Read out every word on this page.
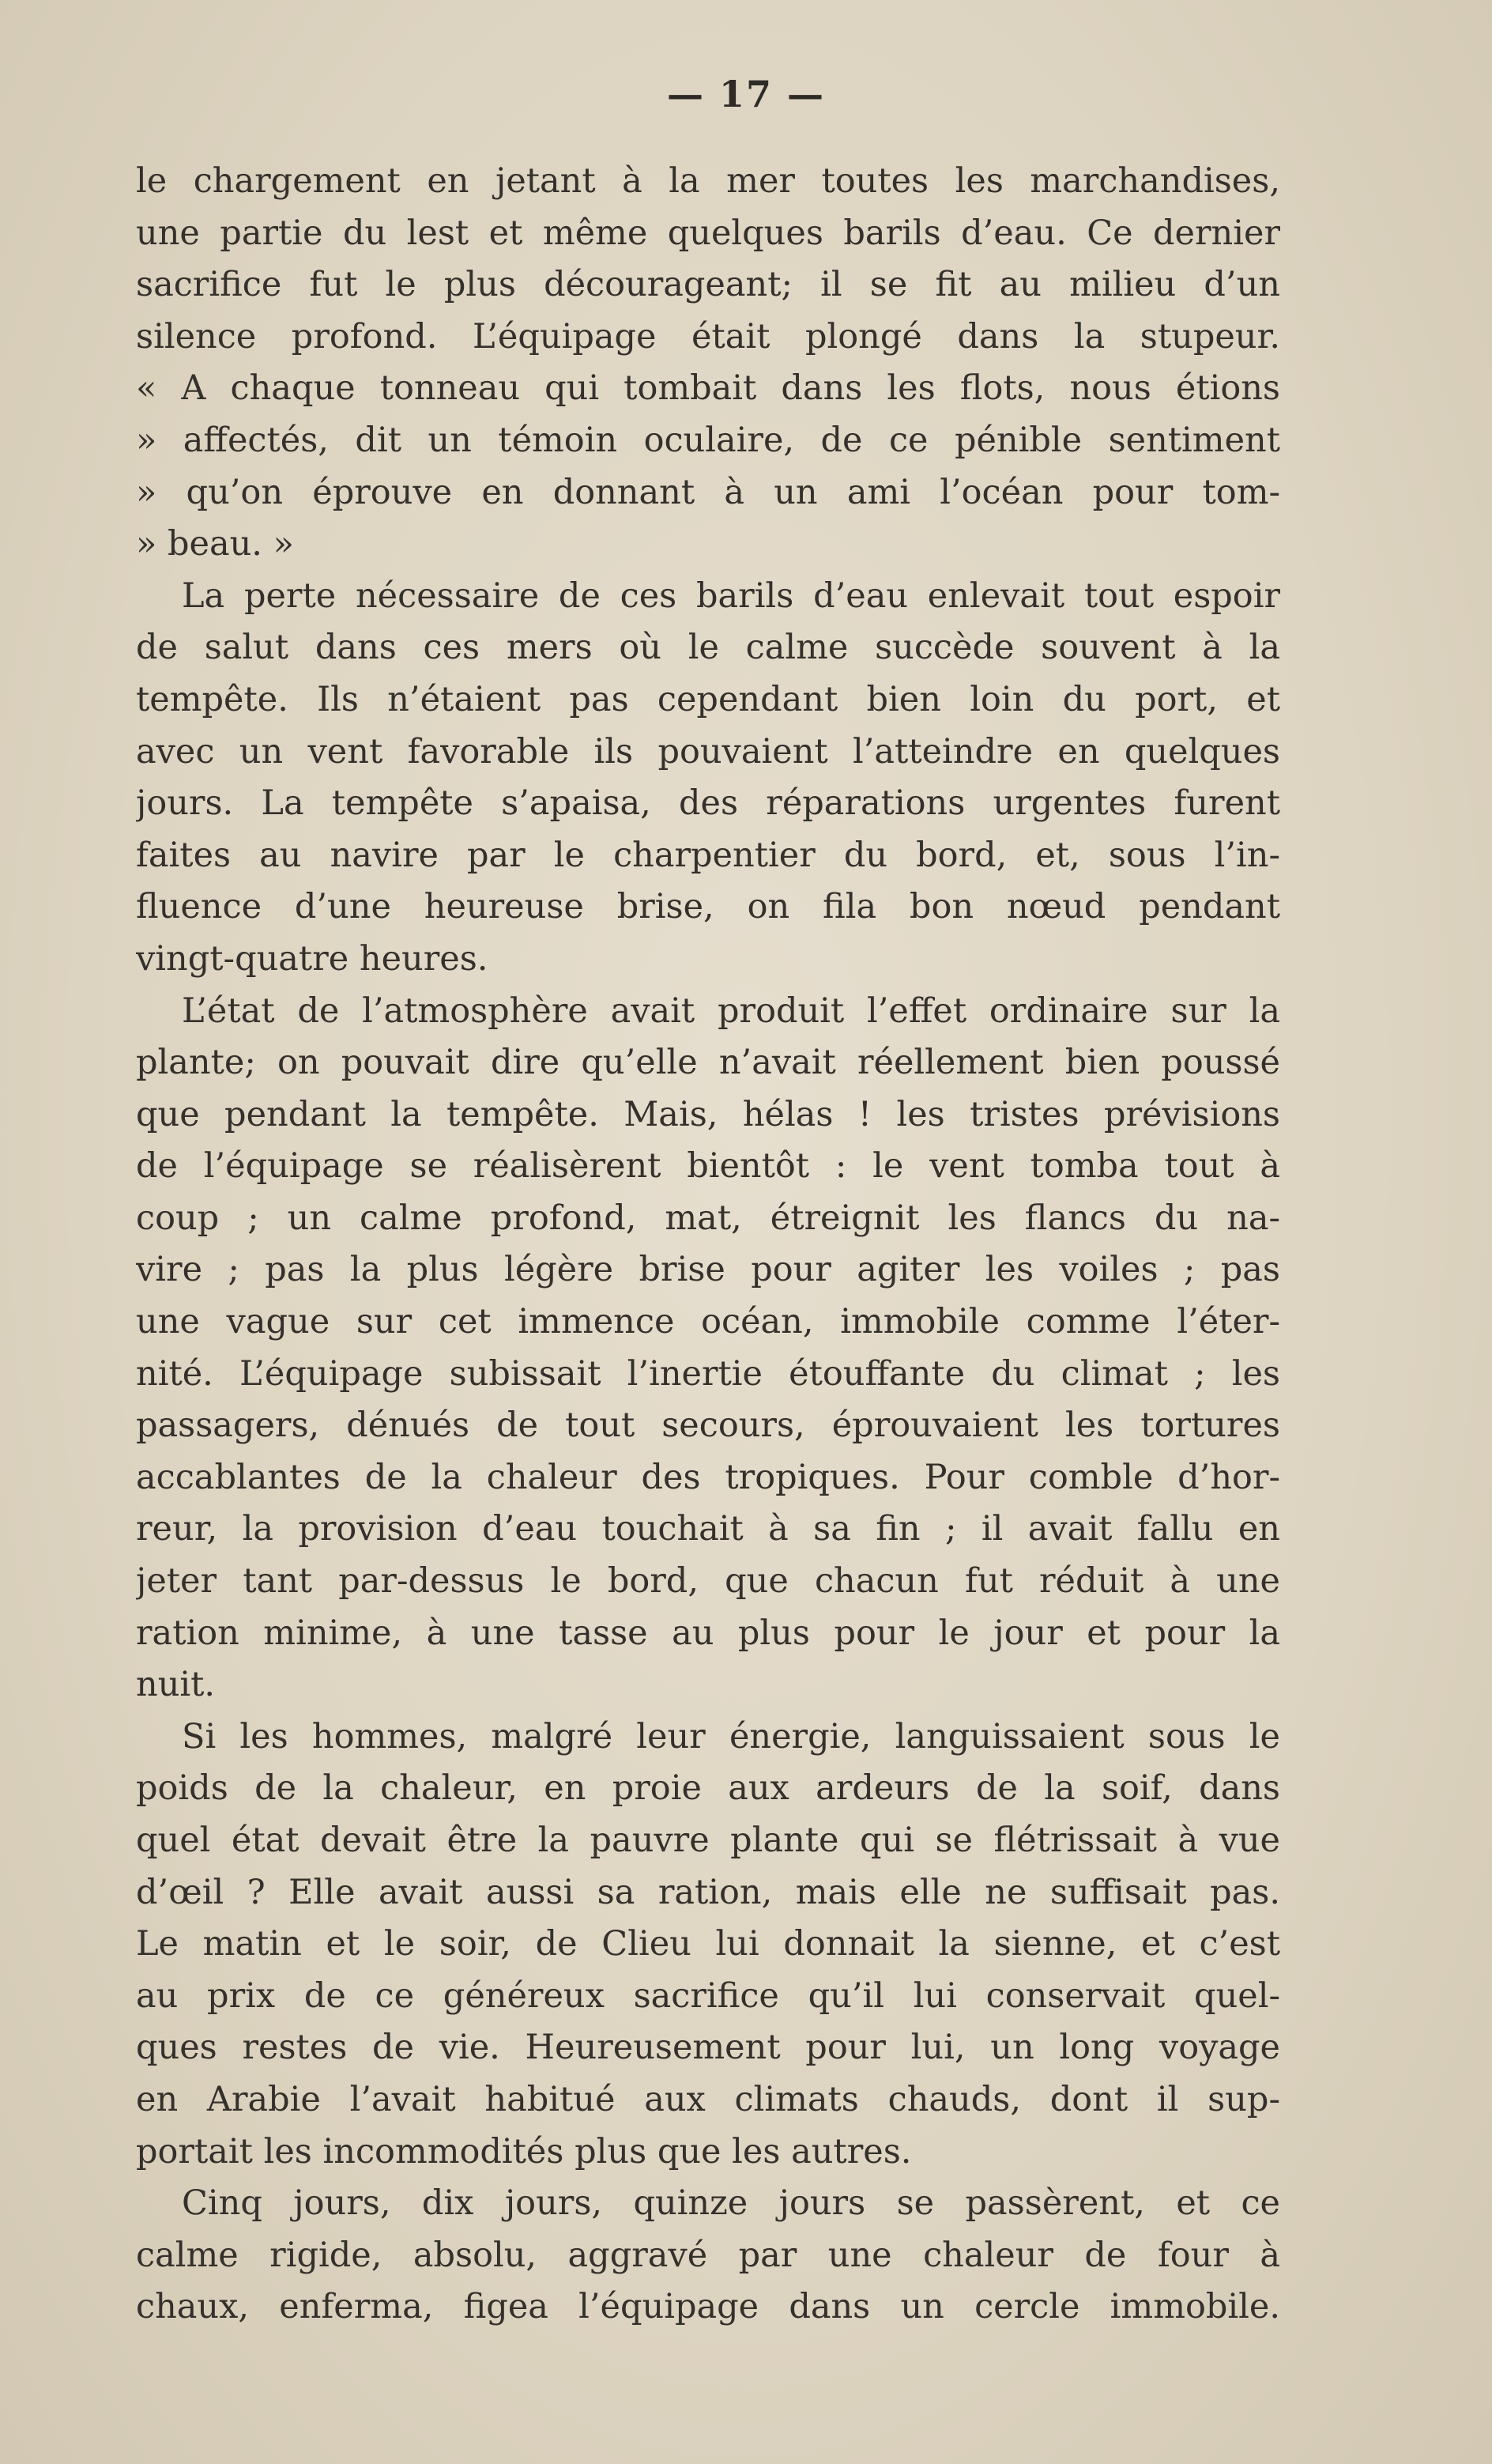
— 17 —
le chargement en jetant à la mer toutes les marchandises,
une partie du lest et même quelques barils d’eau. Ce dernier
sacrifice fut le plus décourageant; il se fit au milieu d’un
silence profond. L’équipage était plongé dans la stupeur.
« A chaque tonneau qui tombait dans les flots, nous étions
» affectés, dit un témoin oculaire, de ce pénible sentiment
» qu’on éprouve en donnant à un ami l’océan pour tom-
» beau. »
La perte nécessaire de ces barils d’eau enlevait tout espoir
de salut dans ces mers où le calme succède souvent à la
tempête. Ils n’étaient pas cependant bien loin du port, et
avec un vent favorable ils pouvaient l’atteindre en quelques
jours. La tempête s’apaisa, des réparations urgentes furent
faites au navire par le charpentier du bord, et, sous l’in-
fluence d’une heureuse brise, on fila bon nœud pendant
vingt-quatre heures.
L’état de l’atmosphère avait produit l’effet ordinaire sur la
plante; on pouvait dire qu’elle n’avait réellement bien poussé
que pendant la tempête. Mais, hélas ! les tristes prévisions
de l’équipage se réalisèrent bientôt : le vent tomba tout à
coup ; un calme profond, mat, étreignit les flancs du na-
vire ; pas la plus légère brise pour agiter les voiles ; pas
une vague sur cet immence océan, immobile comme l’éter-
nité. L’équipage subissait l’inertie étouffante du climat ; les
passagers, dénués de tout secours, éprouvaient les tortures
accablantes de la chaleur des tropiques. Pour comble d’hor-
reur, la provision d’eau touchait à sa fin ; il avait fallu en
jeter tant par-dessus le bord, que chacun fut réduit à une
ration minime, à une tasse au plus pour le jour et pour la
nuit.
Si les hommes, malgré leur énergie, languissaient sous le
poids de la chaleur, en proie aux ardeurs de la soif, dans
quel état devait être la pauvre plante qui se flétrissait à vue
d’œil ? Elle avait aussi sa ration, mais elle ne suffisait pas.
Le matin et le soir, de Clieu lui donnait la sienne, et c’est
au prix de ce généreux sacrifice qu’il lui conservait quel-
ques restes de vie. Heureusement pour lui, un long voyage
en Arabie l’avait habitué aux climats chauds, dont il sup-
portait les incommodités plus que les autres.
Cinq jours, dix jours, quinze jours se passèrent, et ce
calme rigide, absolu, aggravé par une chaleur de four à
chaux, enferma, figea l’équipage dans un cercle immobile.
